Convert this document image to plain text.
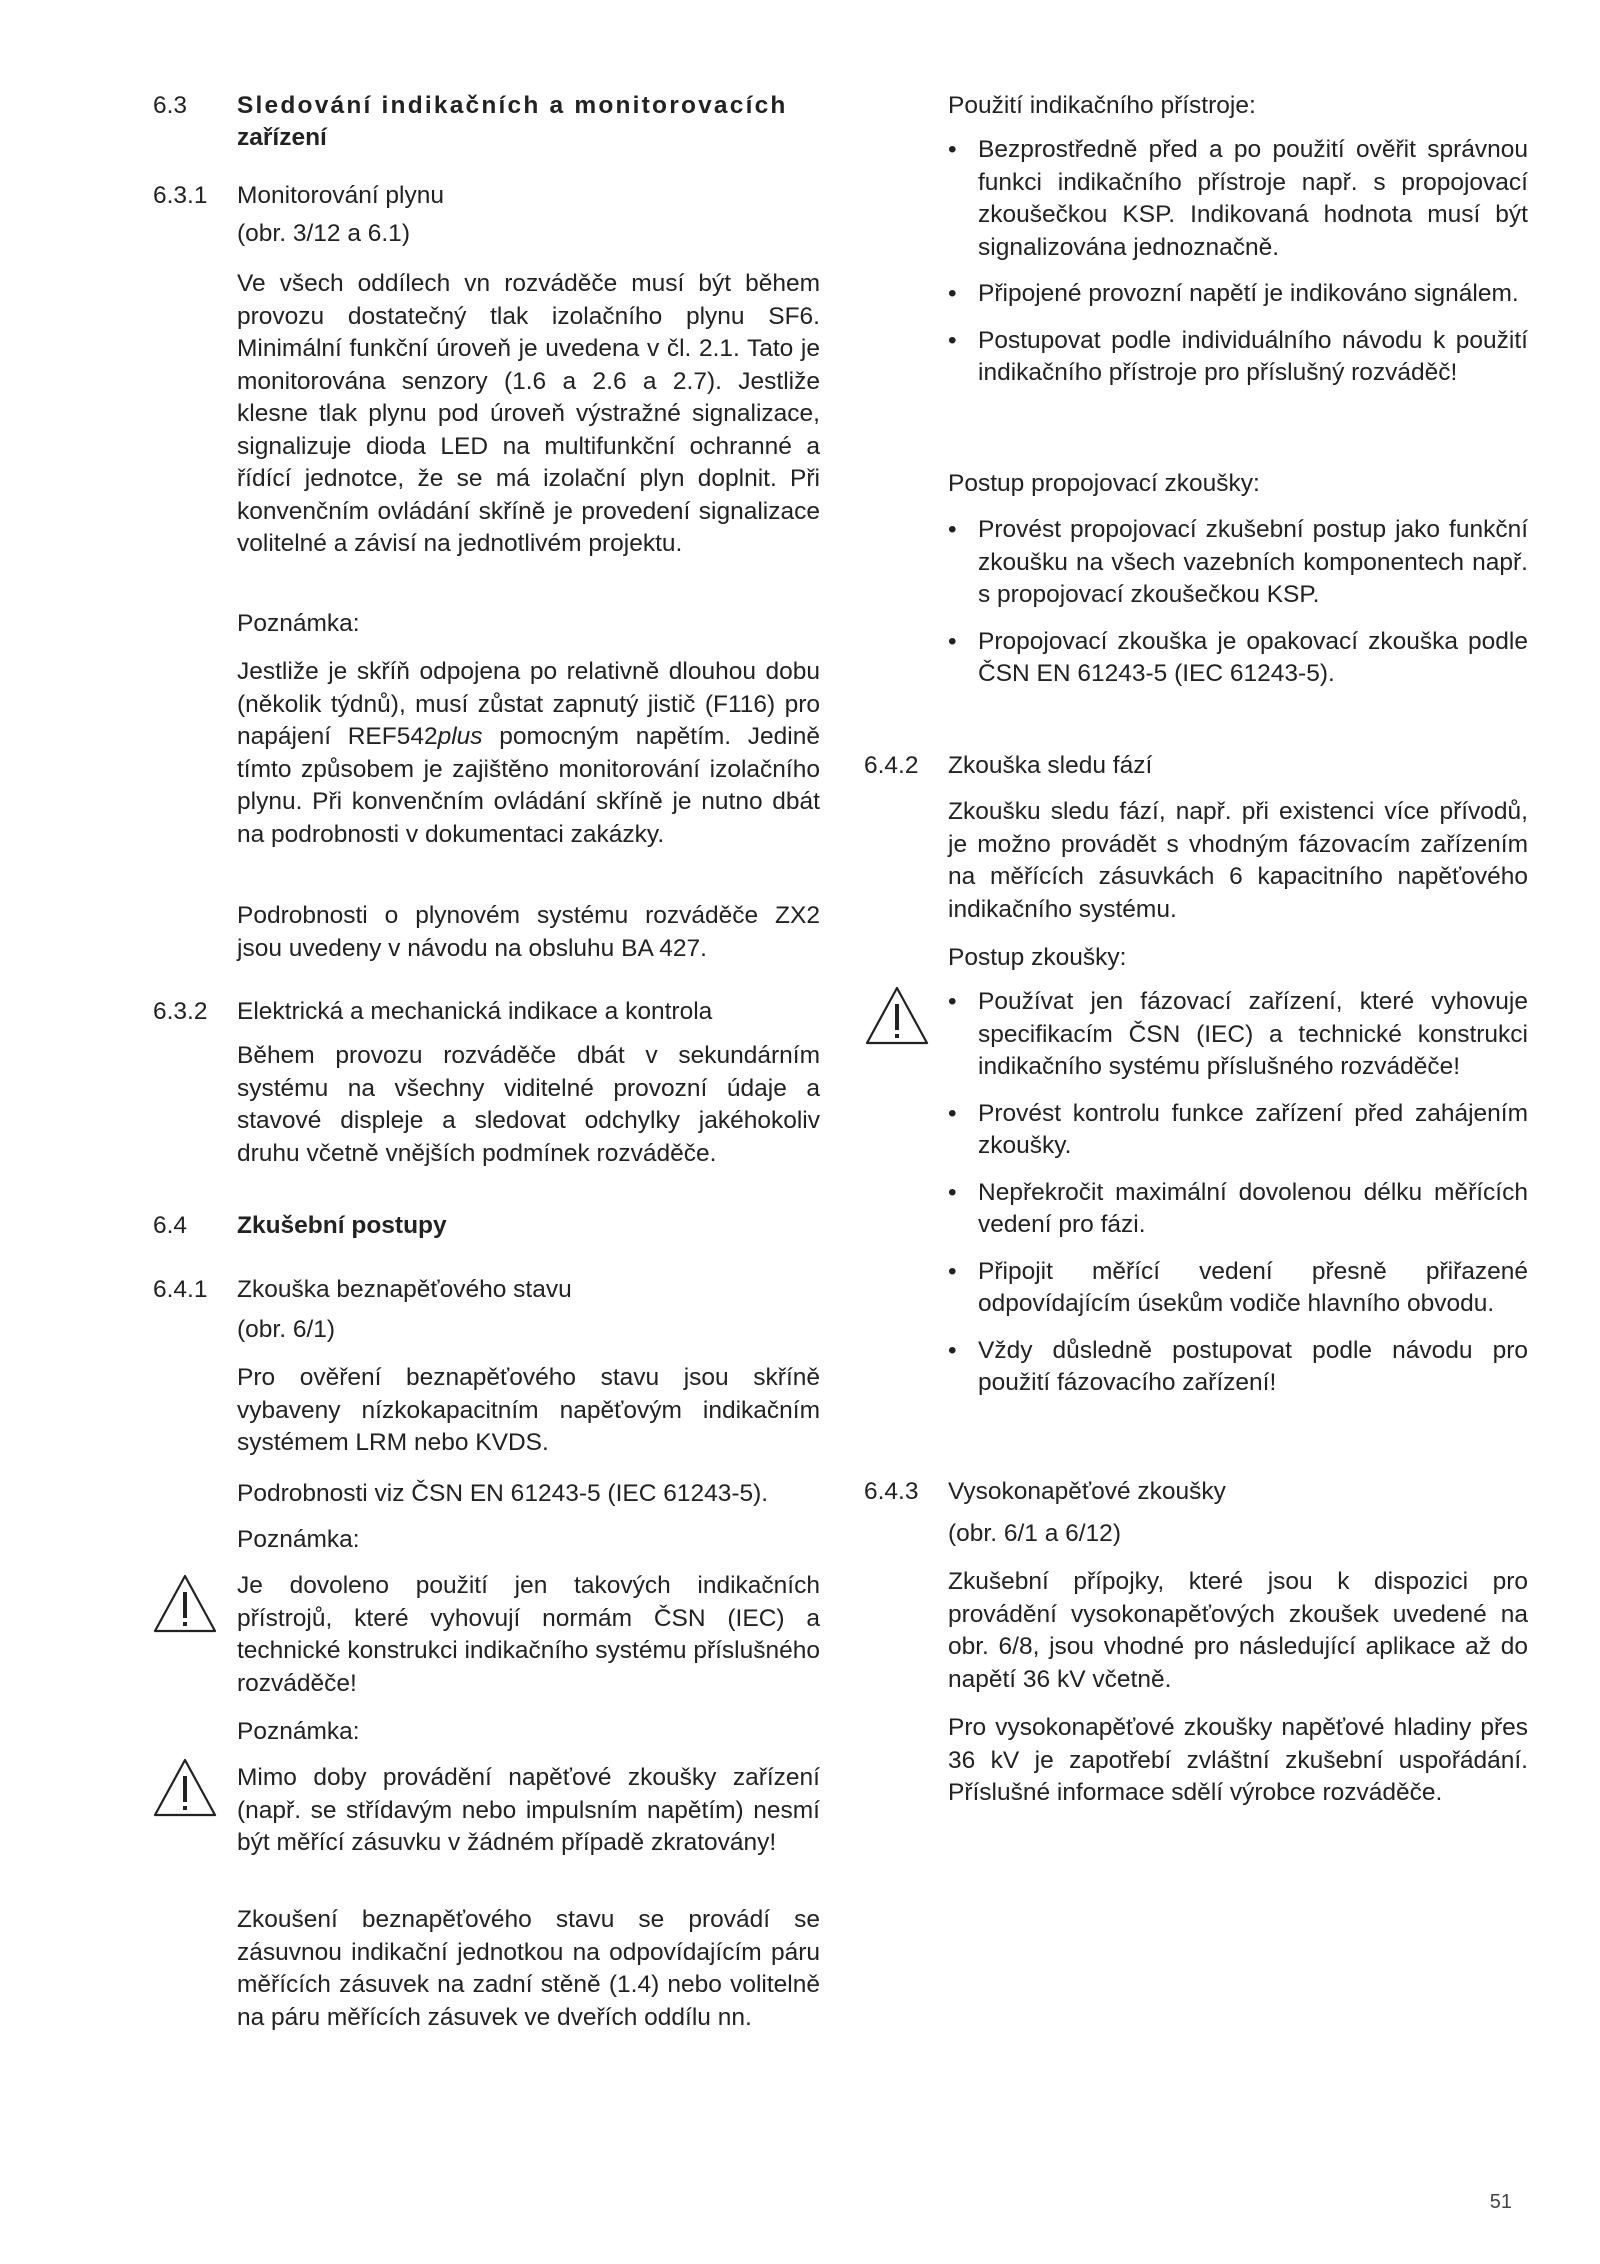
6.3 Sledování indikačních a monitorovacích
zařízení
6.3.1 Monitorování plynu
(obr. 3/12 a 6.1)
Ve všech oddílech vn rozváděče musí být během provozu dostatečný tlak izolačního plynu SF6. Minimální funkční úroveň je uvedena v čl. 2.1. Tato je monitorována senzory (1.6 a 2.6 a 2.7). Jestliže klesne tlak plynu pod úroveň výstražné signalizace, signalizuje dioda LED na multifunkční ochranné a řídící jednotce, že se má izolační plyn doplnit. Při konvenčním ovládání skříně je provedení signalizace volitelné a závisí na jednotlivém projektu.
Poznámka:
Jestliže je skříň odpojena po relativně dlouhou dobu (několik týdnů), musí zůstat zapnutý jistič (F116) pro napájení REF542plus pomocným napětím. Jedině tímto způsobem je zajištěno monitorování izolačního plynu. Při konvenčním ovládání skříně je nutno dbát na podrobnosti v dokumentaci zakázky.
Podrobnosti o plynovém systému rozváděče ZX2 jsou uvedeny v návodu na obsluhu BA 427.
6.3.2 Elektrická a mechanická indikace a kontrola
Během provozu rozváděče dbát v sekundárním systému na všechny viditelné provozní údaje a stavové displeje a sledovat odchylky jakéhokoliv druhu včetně vnějších podmínek rozváděče.
6.4 Zkušební postupy
6.4.1 Zkouška beznapěťového stavu
(obr. 6/1)
Pro ověření beznapěťového stavu jsou skříně vybaveny nízkokapacitním napěťovým indikačním systémem LRM nebo KVDS.
Podrobnosti viz ČSN EN 61243-5 (IEC 61243-5).
Poznámka:
Je dovoleno použití jen takových indikačních přístrojů, které vyhovují normám ČSN (IEC) a technické konstrukci indikačního systému příslušného rozváděče!
Poznámka:
Mimo doby provádění napěťové zkoušky zařízení (např. se střídavým nebo impulsním napětím) nesmí být měřící zásuvku v žádném případě zkratovány!
Zkoušení beznapěťového stavu se provádí se zásuvnou indikační jednotkou na odpovídajícím páru měřících zásuvek na zadní stěně (1.4) nebo volitelně na páru měřících zásuvek ve dveřích oddílu nn.
Použití indikačního přístroje:
• Bezprostředně před a po použití ověřit správnou funkci indikačního přístroje např. s propojovací zkoušečkou KSP. Indikovaná hodnota musí být signalizována jednoznačně.
• Připojené provozní napětí je indikováno signálem.
• Postupovat podle individuálního návodu k použití indikačního přístroje pro příslušný rozváděč!
Postup propojovací zkoušky:
• Provést propojovací zkušební postup jako funkční zkoušku na všech vazebních komponentech např. s propojovací zkoušečkou KSP.
• Propojovací zkouška je opakovací zkouška podle ČSN EN 61243-5 (IEC 61243-5).
6.4.2 Zkouška sledu fází
Zkoušku sledu fází, např. při existenci více přívodů, je možno provádět s vhodným fázovacím zařízením na měřících zásuvkách 6 kapacitního napěťového indikačního systému.
Postup zkoušky:
• Používat jen fázovací zařízení, které vyhovuje specifikacím ČSN (IEC) a technické konstrukci indikačního systému příslušného rozváděče!
• Provést kontrolu funkce zařízení před zahájením zkoušky.
• Nepřekročit maximální dovolenou délku měřících vedení pro fázi.
• Připojit měřící vedení přesně přiřazené odpovídajícím úsekům vodiče hlavního obvodu.
• Vždy důsledně postupovat podle návodu pro použití fázovacího zařízení!
6.4.3 Vysokonapěťové zkoušky
(obr. 6/1 a 6/12)
Zkušební přípojky, které jsou k dispozici pro provádění vysokonapěťových zkoušek uvedené na obr. 6/8, jsou vhodné pro následující aplikace až do napětí 36 kV včetně.
Pro vysokonapěťové zkoušky napěťové hladiny přes 36 kV je zapotřebí zvláštní zkušební uspořádání. Příslušné informace sdělí výrobce rozváděče.
51
